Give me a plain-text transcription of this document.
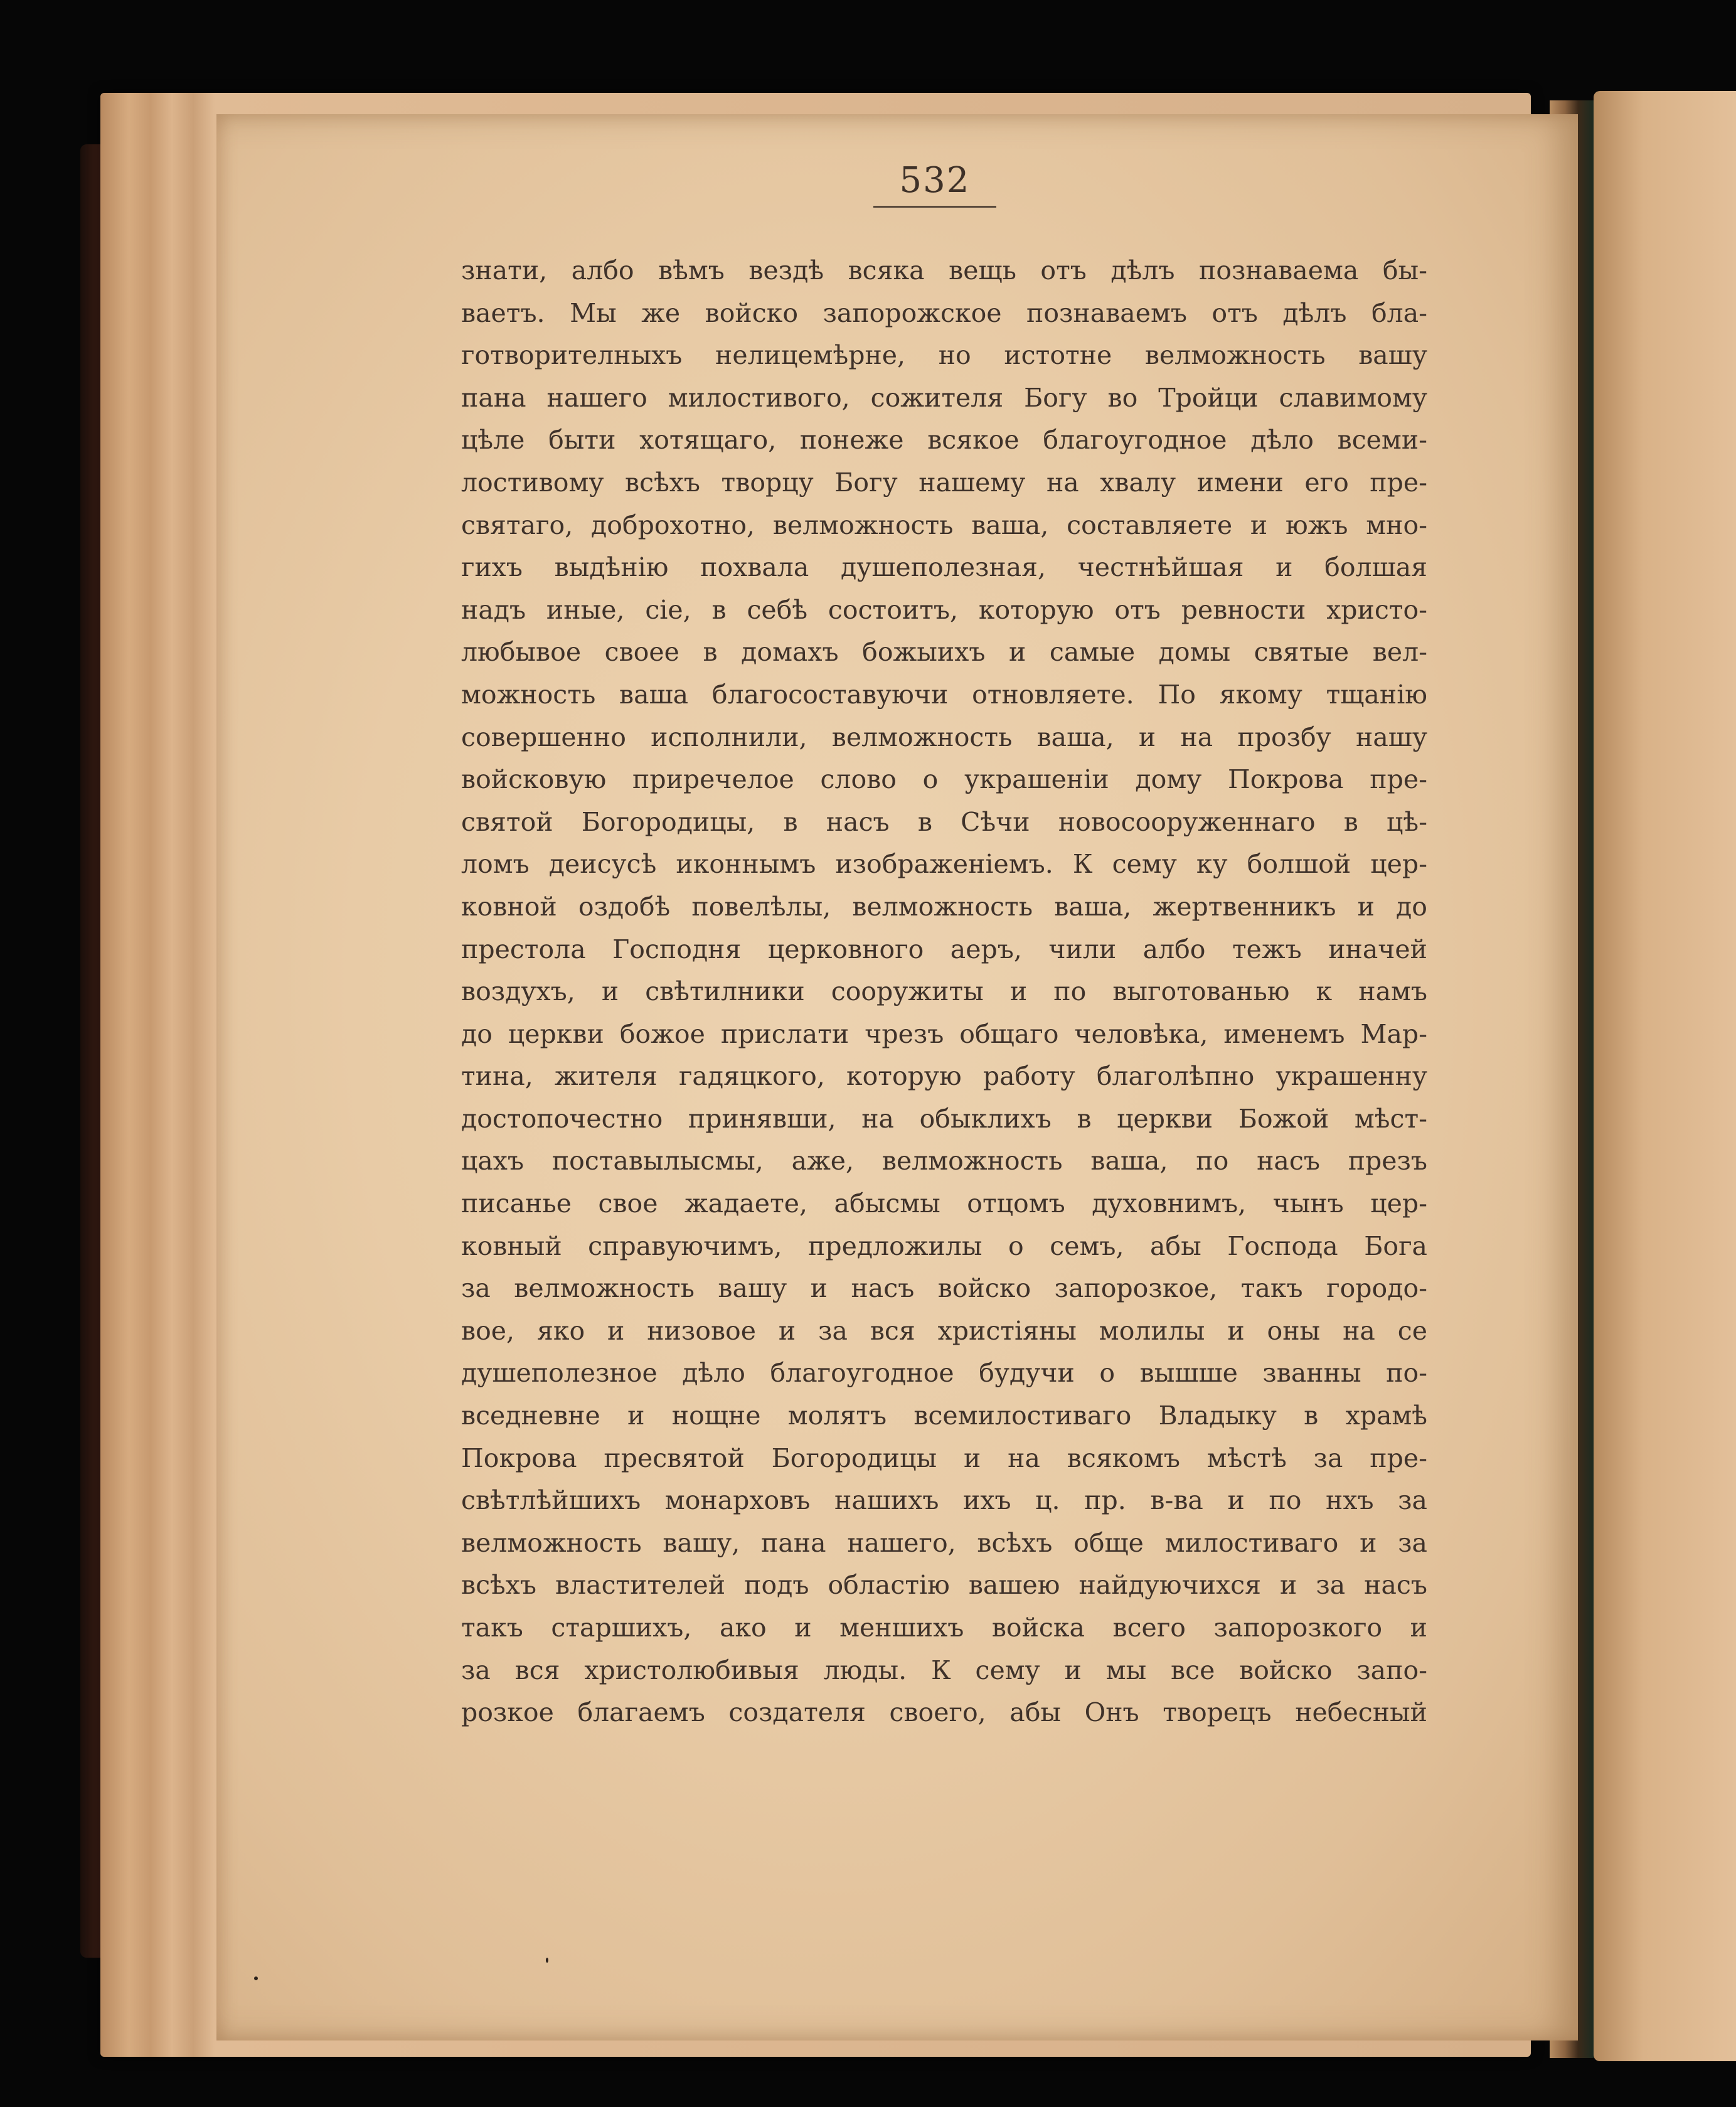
532
знати, албо вѣмъ вездѣ всяка вещь отъ дѣлъ познаваема бы-
ваетъ. Мы же войско запорожское познаваемъ отъ дѣлъ бла-
готворителныхъ нелицемѣрне, но истотне велможность вашу
пана нашего милостивого, сожителя Богу во Тройци славимому
цѣле быти хотящаго, понеже всякое благоугодное дѣло всеми-
лостивому всѣхъ творцу Богу нашему на хвалу имени его пре-
святаго, доброхотно, велможность ваша, составляете и южъ мно-
гихъ выдѣнію похвала душеполезная, честнѣйшая и болшая
надъ иные, сіе, в себѣ состоитъ, которую отъ ревности христо-
любывое своее в домахъ божыихъ и самые домы святые вел-
можность ваша благосоставуючи отновляете. По якому тщанію
совершенно исполнили, велможность ваша, и на прозбу нашу
войсковую приречелое слово о украшеніи дому Покрова пре-
святой Богородицы, в насъ в Сѣчи новосооруженнаго в цѣ-
ломъ деисусѣ иконнымъ изображеніемъ. К сему ку болшой цер-
ковной оздобѣ повелѣлы, велможность ваша, жертвенникъ и до
престола Господня церковного аеръ, чили албо тежъ иначей
воздухъ, и свѣтилники сооружиты и по выготованью к намъ
до церкви божое прислати чрезъ общаго человѣка, именемъ Мар-
тина, жителя гадяцкого, которую работу благолѣпно украшенну
достопочестно принявши, на обыклихъ в церкви Божой мѣст-
цахъ поставылысмы, аже, велможность ваша, по насъ презъ
писанье свое жадаете, абысмы отцомъ духовнимъ, чынъ цер-
ковный справуючимъ, предложилы о семъ, абы Господа Бога
за велможность вашу и насъ войско запорозкое, такъ городо-
вое, яко и низовое и за вся христіяны молилы и оны на се
душеполезное дѣло благоугодное будучи о вышше званны по-
вседневне и нощне молятъ всемилостиваго Владыку в храмѣ
Покрова пресвятой Богородицы и на всякомъ мѣстѣ за пре-
свѣтлѣйшихъ монарховъ нашихъ ихъ ц. пр. в-ва и по нхъ за
велможность вашу, пана нашего, всѣхъ обще милостиваго и за
всѣхъ властителей подъ областію вашею найдуючихся и за насъ
такъ старшихъ, ако и меншихъ войска всего запорозкого и
за вся христолюбивыя люды. К сему и мы все войско запо-
розкое благаемъ создателя своего, абы Онъ творецъ небесный
